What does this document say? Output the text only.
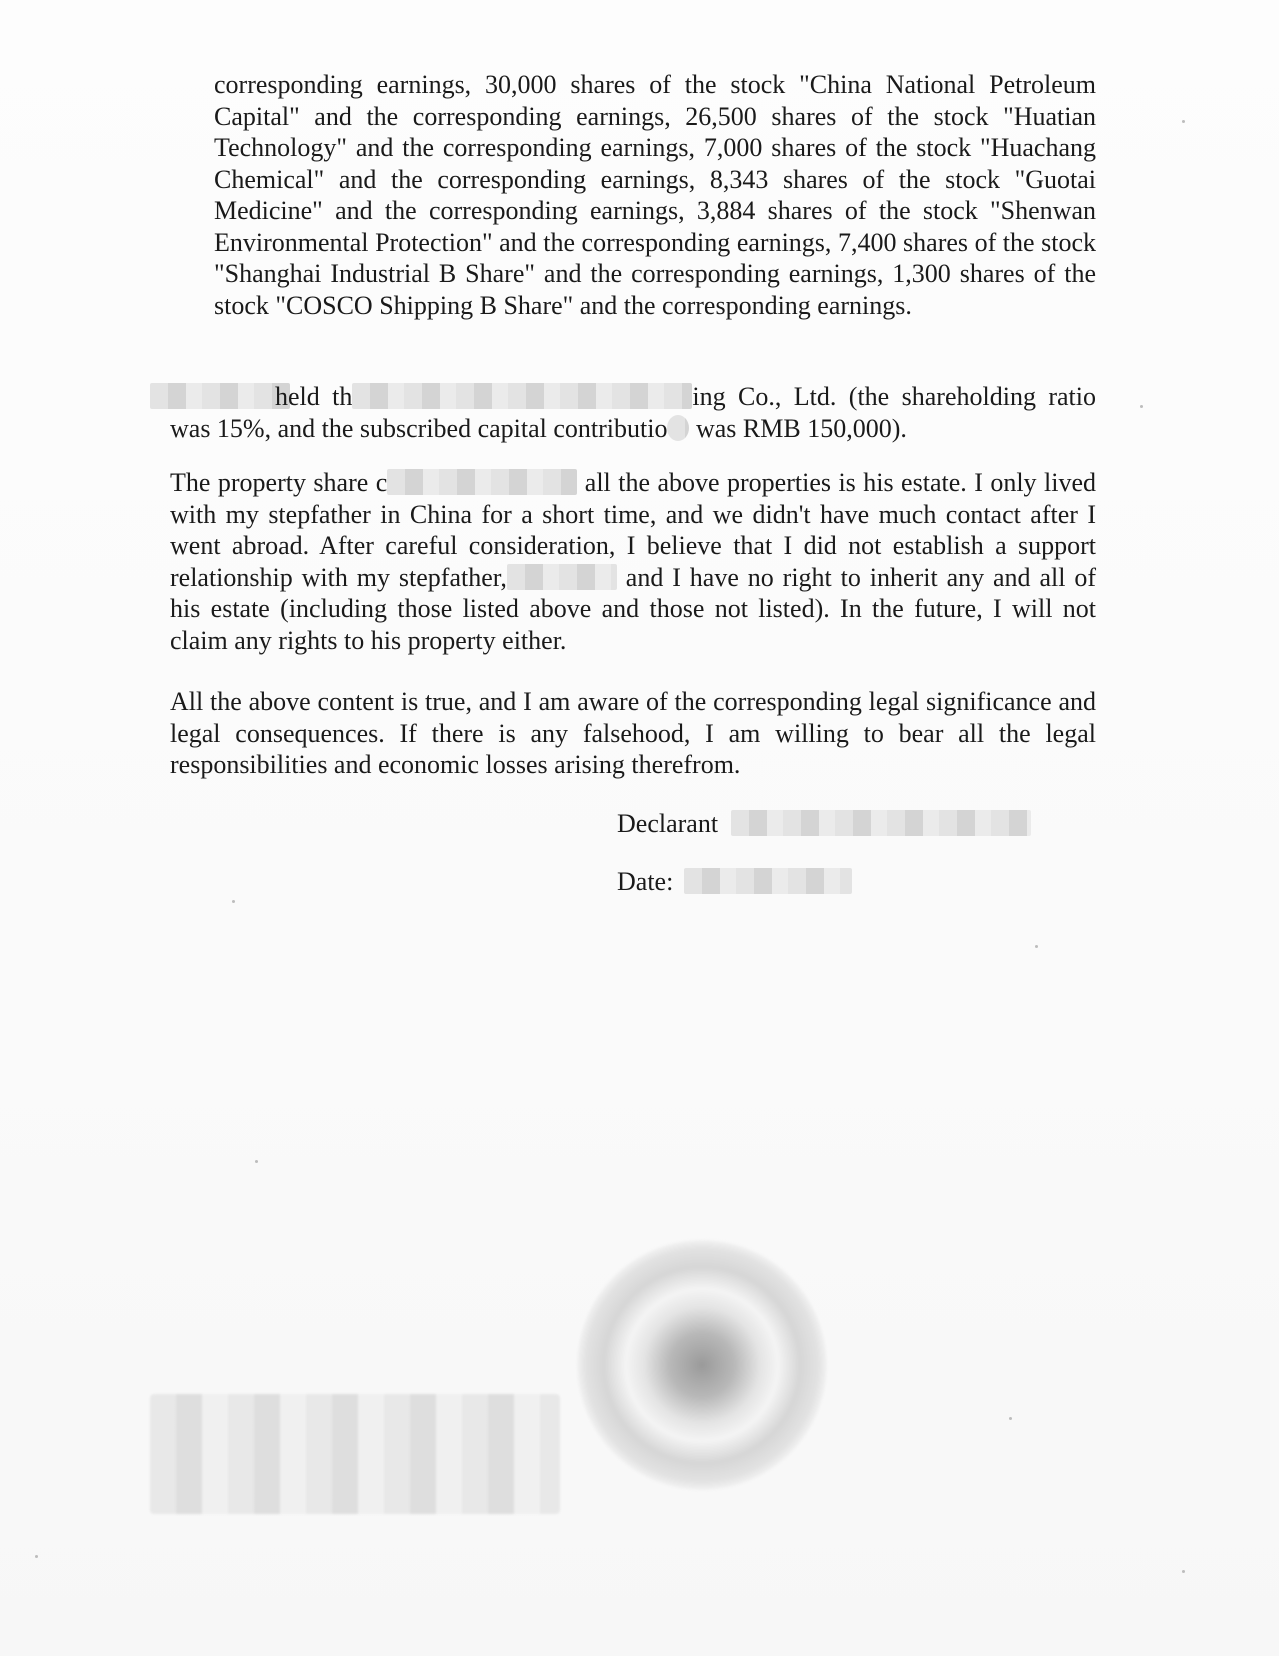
corresponding earnings, 30,000 shares of the stock "China National Petroleum Capital" and the corresponding earnings, 26,500 shares of the stock "Huatian Technology" and the corresponding earnings, 7,000 shares of the stock "Huachang Chemical" and the corresponding earnings, 8,343 shares of the stock "Guotai Medicine" and the corresponding earnings, 3,884 shares of the stock "Shenwan Environmental Protection" and the corresponding earnings, 7,400 shares of the stock "Shanghai Industrial B Share" and the corresponding earnings, 1,300 shares of the stock "COSCO Shipping B Share" and the corresponding earnings.

held th	ing Co., Ltd. (the shareholding ratio was 15%, and the subscribed capital contributio was RMB 150,000).

The property share c	all the above properties is his estate. I only lived with my stepfather in China for a short time, and we didn't have much contact after I went abroad. After careful consideration, I believe that I did not establish a support relationship with my stepfather,	and I have no right to inherit any and all of his estate (including those listed above and those not listed). In the future, I will not claim any rights to his property either.

All the above content is true, and I am aware of the corresponding legal significance and legal consequences. If there is any falsehood, I am willing to bear all the legal responsibilities and economic losses arising therefrom.

Declarant
Date:
